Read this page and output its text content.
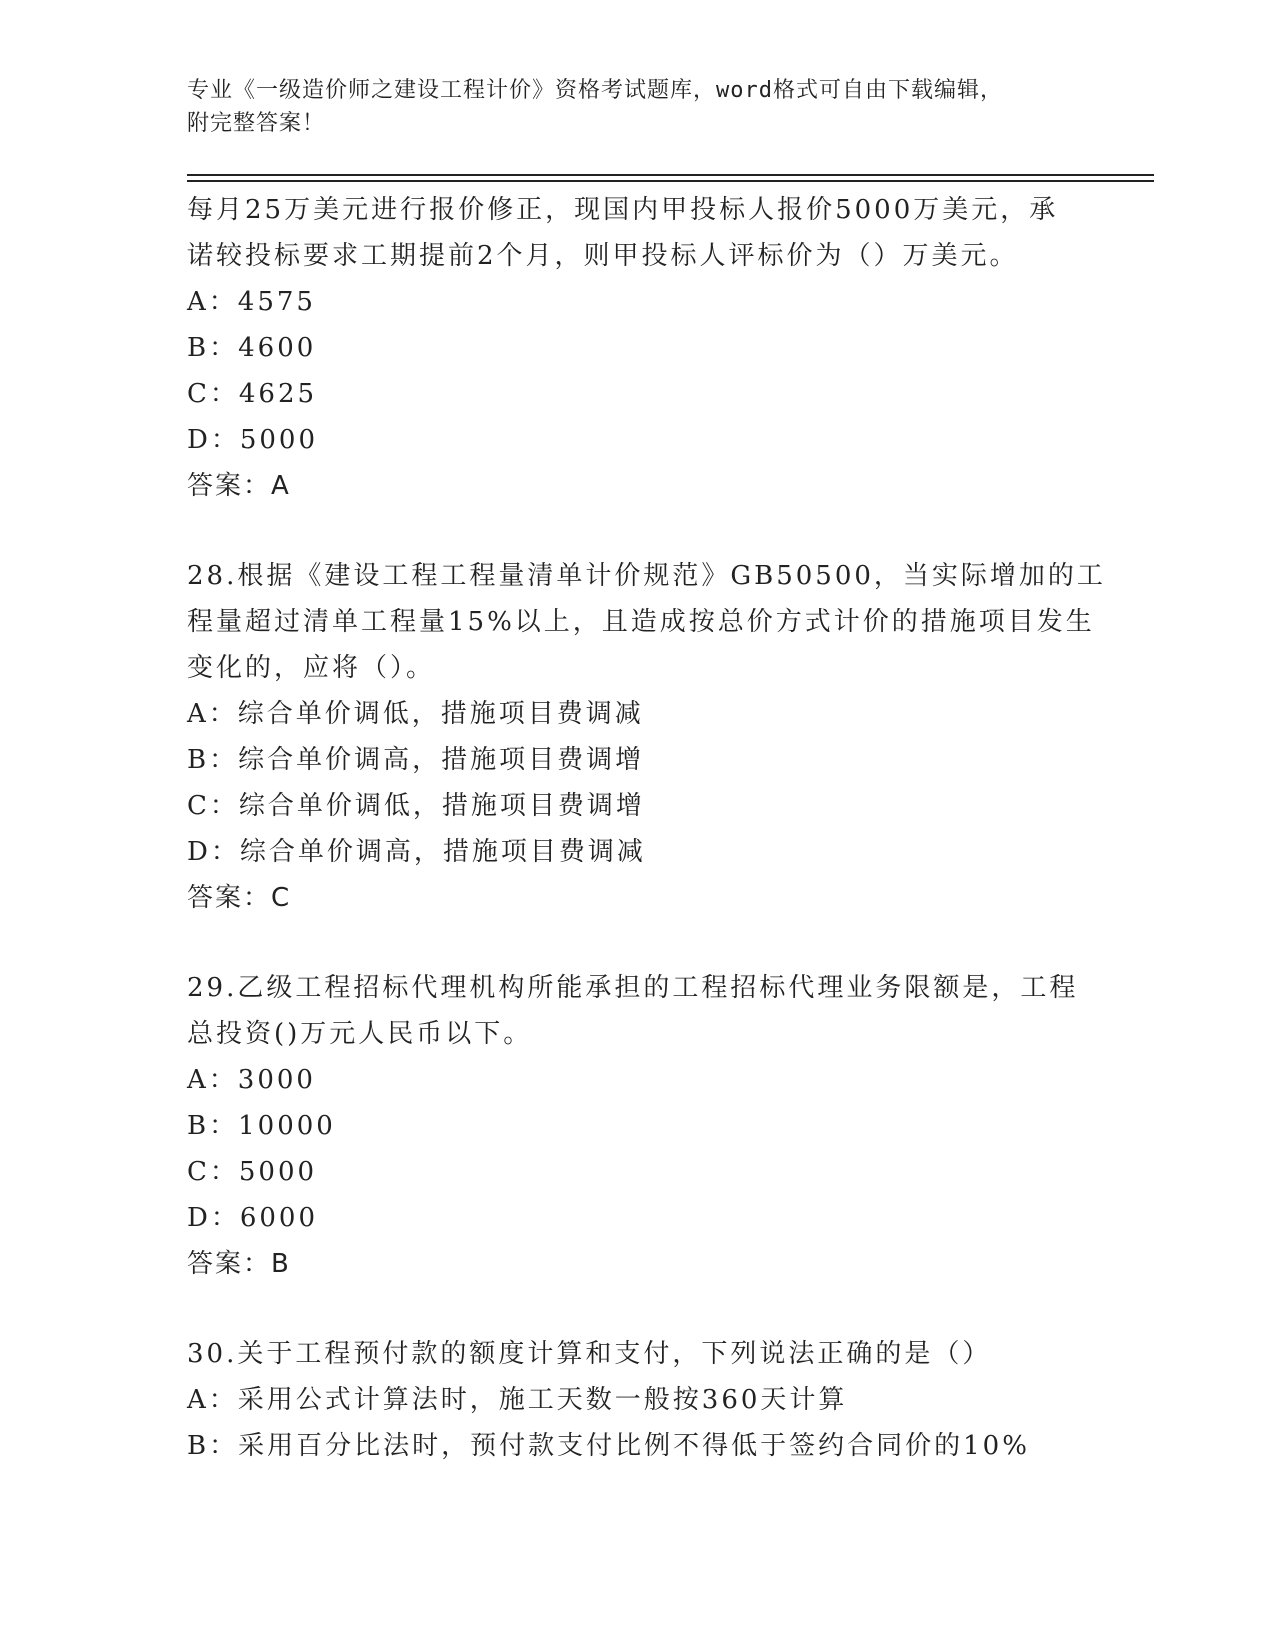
专业《一级造价师之建设工程计价》资格考试题库，word格式可自由下载编辑，
附完整答案！
每月25万美元进行报价修正，现国内甲投标人报价5000万美元，承
诺较投标要求工期提前2个月，则甲投标人评标价为（）万美元。
A：4575
B：4600
C：4625
D：5000
答案：A
28.根据《建设工程工程量清单计价规范》GB50500，当实际增加的工
程量超过清单工程量15%以上，且造成按总价方式计价的措施项目发生
变化的，应将（）。
A：综合单价调低，措施项目费调减
B：综合单价调高，措施项目费调增
C：综合单价调低，措施项目费调增
D：综合单价调高，措施项目费调减
答案：C
29.乙级工程招标代理机构所能承担的工程招标代理业务限额是，工程
总投资()万元人民币以下。
A：3000
B：10000
C：5000
D：6000
答案：B
30.关于工程预付款的额度计算和支付，下列说法正确的是（）
A：采用公式计算法时，施工天数一般按360天计算
B：采用百分比法时，预付款支付比例不得低于签约合同价的10%
